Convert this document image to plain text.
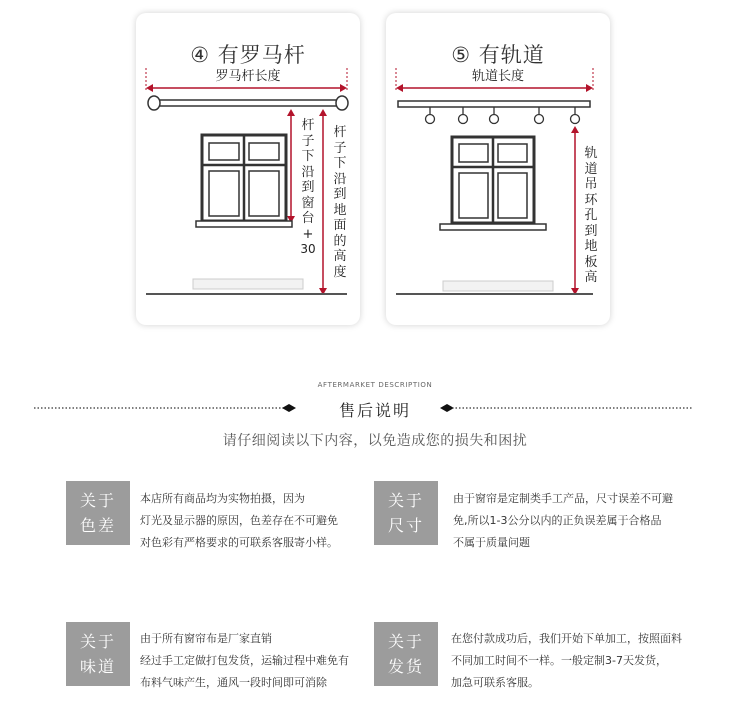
④ 有罗马杆
杆
子
下
沿
到
窗
台
+
30
杆
子
下
沿
到
地
面
的
高
度
罗马杆长度
⑤ 有轨道
轨道长度
轨
道
吊
环
孔
到
地
板
高
AFTERMARKET DESCRIPTION
售后说明
请仔细阅读以下内容，以免造成您的损失和困扰
关于
色差
本店所有商品均为实物拍摄，因为
灯光及显示器的原因，色差存在不可避免
对色彩有严格要求的可联系客服寄小样。
关于
尺寸
由于窗帘是定制类手工产品，尺寸误差不可避
免,所以1-3公分以内的正负误差属于合格品
不属于质量问题
关于
味道
由于所有窗帘布是厂家直销
经过手工定做打包发货，运输过程中难免有
布料气味产生，通风一段时间即可消除
关于
发货
在您付款成功后，我们开始下单加工，按照面料
不同加工时间不一样。一般定制3-7天发货，
加急可联系客服。
